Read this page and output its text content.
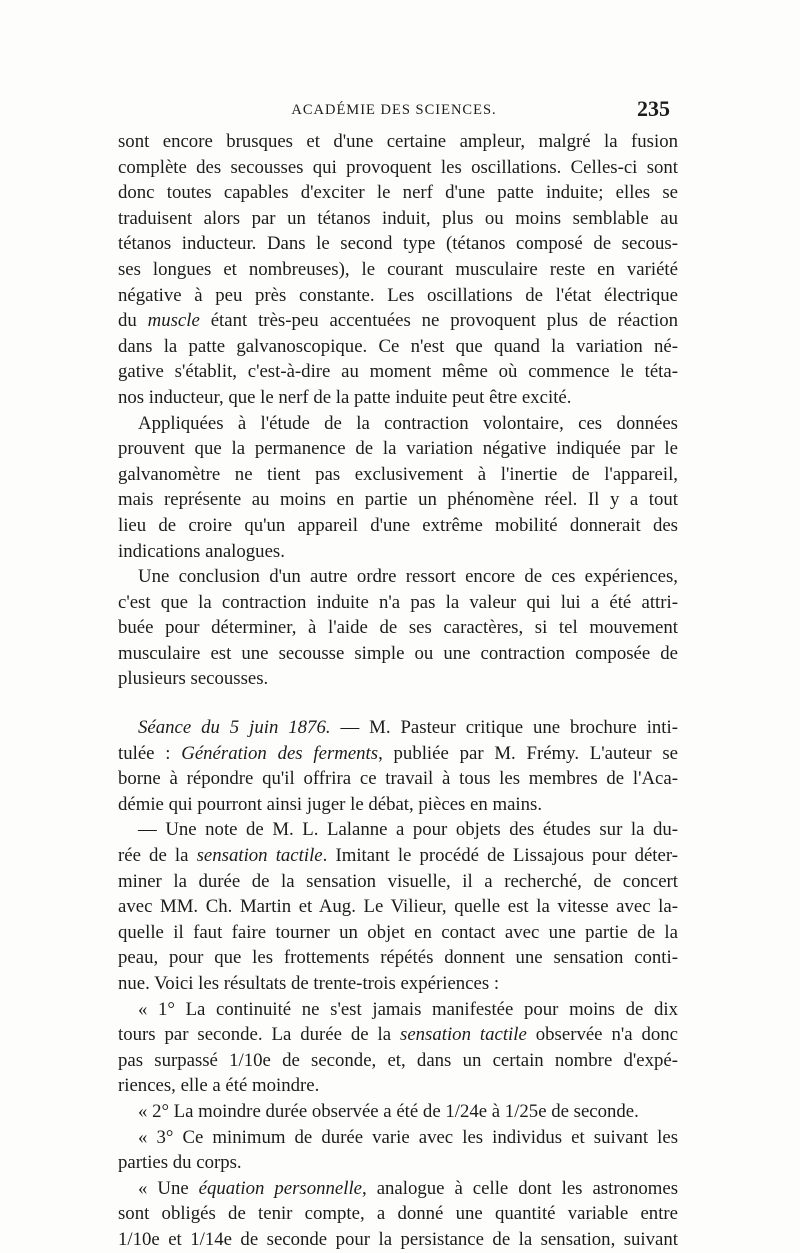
ACADÉMIE DES SCIENCES.	235
sont encore brusques et d'une certaine ampleur, malgré la fusion
complète des secousses qui provoquent les oscillations. Celles-ci sont
donc toutes capables d'exciter le nerf d'une patte induite; elles se
traduisent alors par un tétanos induit, plus ou moins semblable au
tétanos inducteur. Dans le second type (tétanos composé de secous-
ses longues et nombreuses), le courant musculaire reste en variété
négative à peu près constante. Les oscillations de l'état électrique
du muscle étant très-peu accentuées ne provoquent plus de réaction
dans la patte galvanoscopique. Ce n'est que quand la variation né-
gative s'établit, c'est-à-dire au moment même où commence le téta-
nos inducteur, que le nerf de la patte induite peut être excité.
Appliquées à l'étude de la contraction volontaire, ces données
prouvent que la permanence de la variation négative indiquée par le
galvanomètre ne tient pas exclusivement à l'inertie de l'appareil,
mais représente au moins en partie un phénomène réel. Il y a tout
lieu de croire qu'un appareil d'une extrême mobilité donnerait des
indications analogues.
Une conclusion d'un autre ordre ressort encore de ces expériences,
c'est que la contraction induite n'a pas la valeur qui lui a été attri-
buée pour déterminer, à l'aide de ses caractères, si tel mouvement
musculaire est une secousse simple ou une contraction composée de
plusieurs secousses.
Séance du 5 juin 1876. — M. Pasteur critique une brochure inti-
tulée : Génération des ferments, publiée par M. Frémy. L'auteur se
borne à répondre qu'il offrira ce travail à tous les membres de l'Aca-
démie qui pourront ainsi juger le débat, pièces en mains.
— Une note de M. L. Lalanne a pour objets des études sur la du-
rée de la sensation tactile. Imitant le procédé de Lissajous pour déter-
miner la durée de la sensation visuelle, il a recherché, de concert
avec MM. Ch. Martin et Aug. Le Vilieur, quelle est la vitesse avec la-
quelle il faut faire tourner un objet en contact avec une partie de la
peau, pour que les frottements répétés donnent une sensation conti-
nue. Voici les résultats de trente-trois expériences :
« 1° La continuité ne s'est jamais manifestée pour moins de dix
tours par seconde. La durée de la sensation tactile observée n'a donc
pas surpassé 1/10e de seconde, et, dans un certain nombre d'expé-
riences, elle a été moindre.
« 2° La moindre durée observée a été de 1/24e à 1/25e de seconde.
« 3° Ce minimum de durée varie avec les individus et suivant les
parties du corps.
« Une équation personnelle, analogue à celle dont les astronomes
sont obligés de tenir compte, a donné une quantité variable entre
1/10e et 1/14e de seconde pour la persistance de la sensation, suivant
